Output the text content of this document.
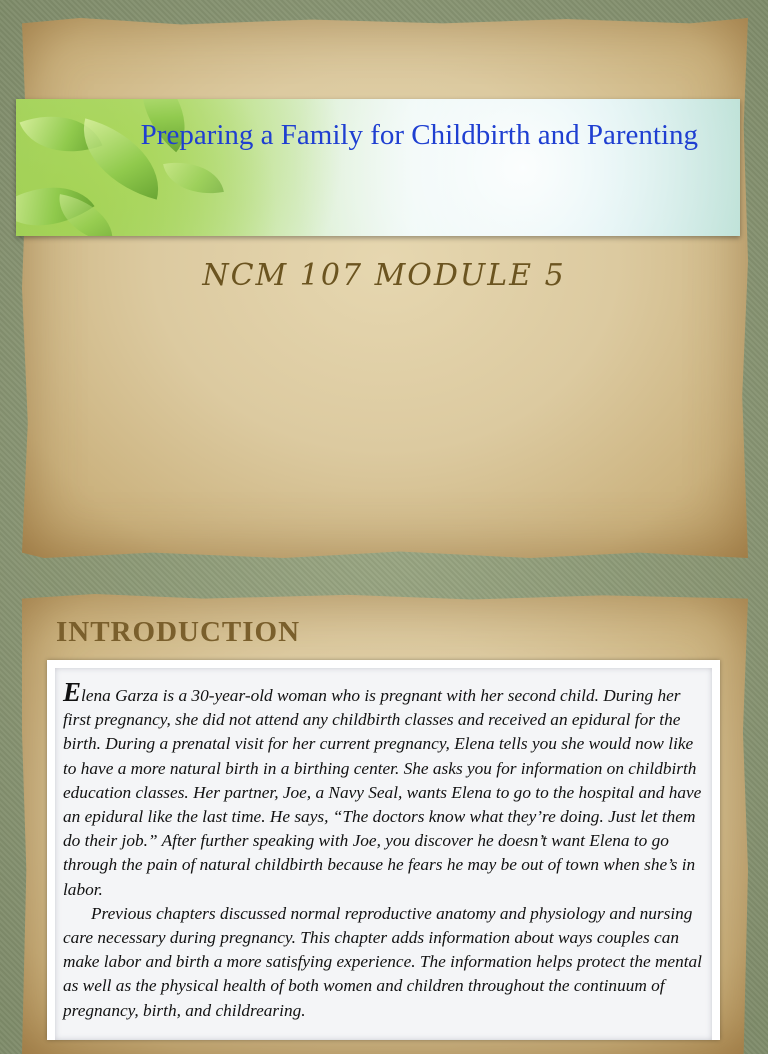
Preparing a Family for Childbirth and Parenting
NCM 107 MODULE 5
INTRODUCTION

Elena Garza is a 30-year-old woman who is pregnant with her second child. During her first pregnancy, she did not attend any childbirth classes and received an epidural for the birth. During a prenatal visit for her current pregnancy, Elena tells you she would now like to have a more natural birth in a birthing center. She asks you for information on childbirth education classes. Her partner, Joe, a Navy Seal, wants Elena to go to the hospital and have an epidural like the last time. He says, “The doctors know what they’re doing. Just let them do their job.” After further speaking with Joe, you discover he doesn’t want Elena to go through the pain of natural childbirth because he fears he may be out of town when she’s in labor.

Previous chapters discussed normal reproductive anatomy and physiology and nursing care necessary during pregnancy. This chapter adds information about ways couples can make labor and birth a more satisfying experience. The information helps protect the mental as well as the physical health of both women and children throughout the continuum of pregnancy, birth, and childrearing.
